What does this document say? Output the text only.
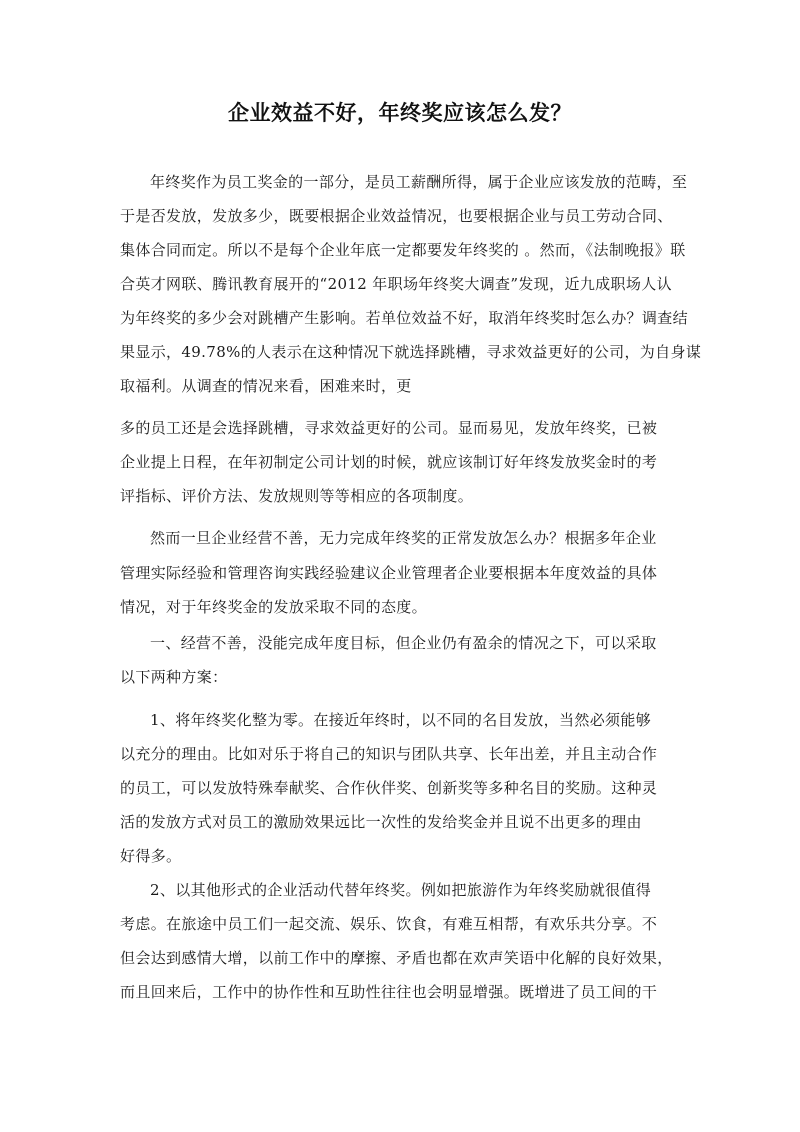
企业效益不好，年终奖应该怎么发？
年终奖作为员工奖金的一部分，是员工薪酬所得，属于企业应该发放的范畴，至
于是否发放，发放多少，既要根据企业效益情况，也要根据企业与员工劳动合同、
集体合同而定。所以不是每个企业年底一定都要发年终奖的 。然而，《法制晚报》联
合英才网联、腾讯教育展开的“2012 年职场年终奖大调查”发现，近九成职场人认
为年终奖的多少会对跳槽产生影响。若单位效益不好，取消年终奖时怎么办？调查结
果显示，49.78%的人表示在这种情况下就选择跳槽，寻求效益更好的公司，为自身谋
取福利。从调查的情况来看，困难来时，更
多的员工还是会选择跳槽，寻求效益更好的公司。显而易见，发放年终奖，已被
企业提上日程，在年初制定公司计划的时候，就应该制订好年终发放奖金时的考
评指标、评价方法、发放规则等等相应的各项制度。
然而一旦企业经营不善，无力完成年终奖的正常发放怎么办？根据多年企业
管理实际经验和管理咨询实践经验建议企业管理者企业要根据本年度效益的具体
情况，对于年终奖金的发放采取不同的态度。
一、经营不善，没能完成年度目标，但企业仍有盈余的情况之下，可以采取
以下两种方案：
1、将年终奖化整为零。在接近年终时，以不同的名目发放，当然必须能够
以充分的理由。比如对乐于将自己的知识与团队共享、长年出差，并且主动合作
的员工，可以发放特殊奉献奖、合作伙伴奖、创新奖等多种名目的奖励。这种灵
活的发放方式对员工的激励效果远比一次性的发给奖金并且说不出更多的理由
好得多。
2、以其他形式的企业活动代替年终奖。例如把旅游作为年终奖励就很值得
考虑。在旅途中员工们一起交流、娱乐、饮食，有难互相帮，有欢乐共分享。不
但会达到感情大增，以前工作中的摩擦、矛盾也都在欢声笑语中化解的良好效果，
而且回来后，工作中的协作性和互助性往往也会明显增强。既增进了员工间的干
